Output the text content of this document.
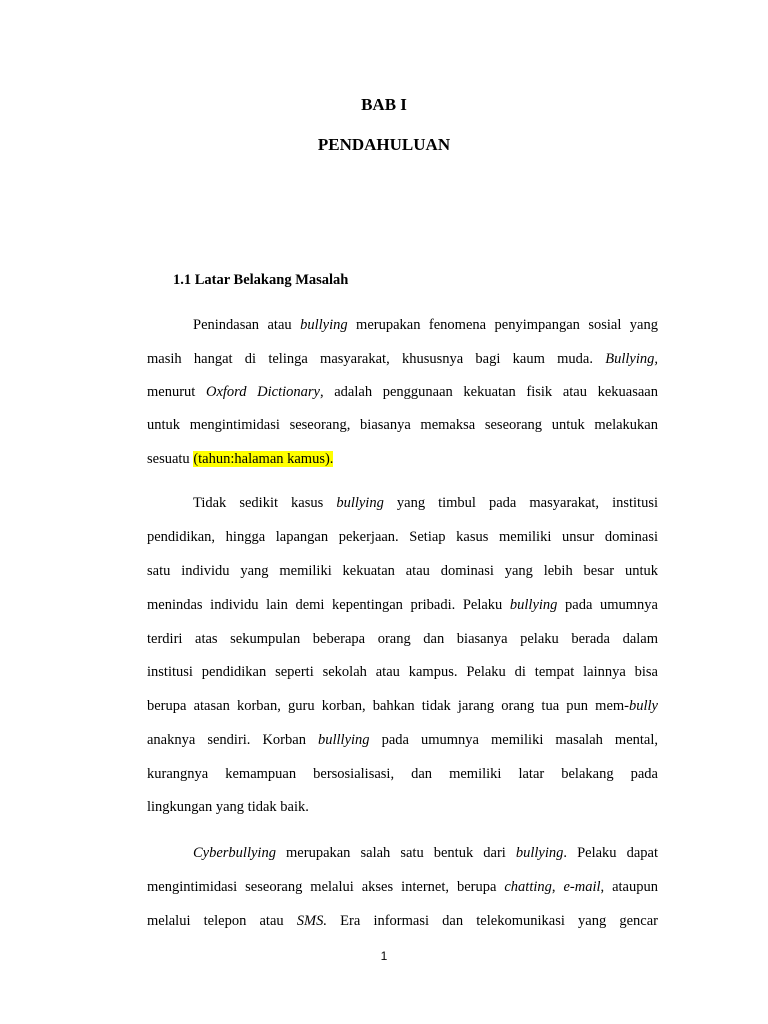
BAB I
PENDAHULUAN
1.1 Latar Belakang Masalah
Penindasan atau bullying merupakan fenomena penyimpangan sosial yang
masih hangat di telinga masyarakat, khususnya bagi kaum muda. Bullying,
menurut Oxford Dictionary, adalah penggunaan kekuatan fisik atau kekuasaan
untuk mengintimidasi seseorang, biasanya memaksa seseorang untuk melakukan
sesuatu (tahun:halaman kamus).
Tidak sedikit kasus bullying yang timbul pada masyarakat, institusi
pendidikan, hingga lapangan pekerjaan. Setiap kasus memiliki unsur dominasi
satu individu yang memiliki kekuatan atau dominasi yang lebih besar untuk
menindas individu lain demi kepentingan pribadi. Pelaku bullying pada umumnya
terdiri atas sekumpulan beberapa orang dan biasanya pelaku berada dalam
institusi pendidikan seperti sekolah atau kampus. Pelaku di tempat lainnya bisa
berupa atasan korban, guru korban, bahkan tidak jarang orang tua pun mem-bully
anaknya sendiri. Korban bulllying pada umumnya memiliki masalah mental,
kurangnya kemampuan bersosialisasi, dan memiliki latar belakang pada
lingkungan yang tidak baik.
Cyberbullying merupakan salah satu bentuk dari bullying. Pelaku dapat
mengintimidasi seseorang melalui akses internet, berupa chatting, e-mail, ataupun
melalui telepon atau SMS. Era informasi dan telekomunikasi yang gencar
1
